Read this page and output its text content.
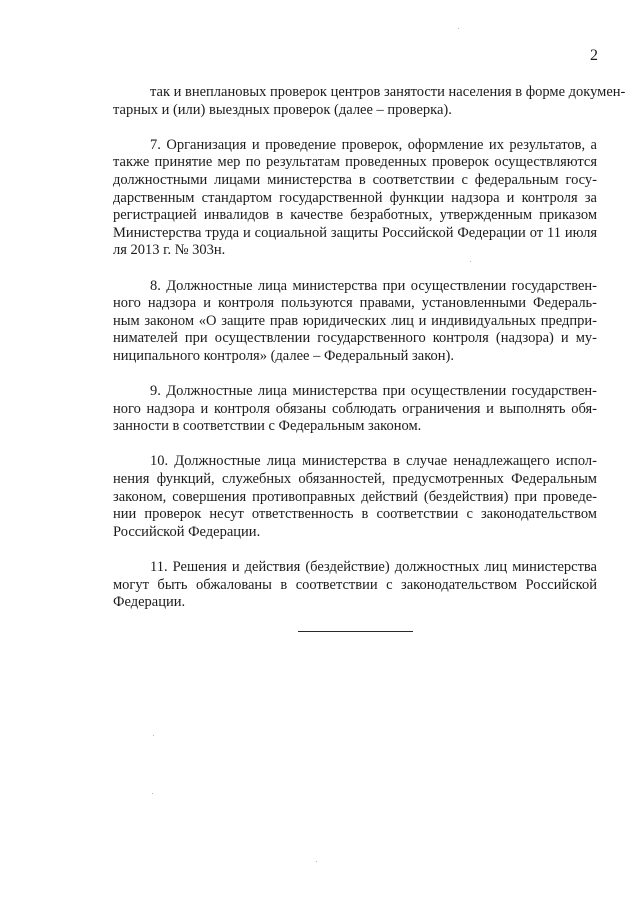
2
так и внеплановых проверок центров занятости населения в форме докумен-
тарных и (или) выездных проверок (далее – проверка).
7. Организация и проведение проверок, оформление их результатов, а
также принятие мер по результатам проведенных проверок осуществляются
должностными лицами министерства в соответствии с федеральным госу-
дарственным стандартом государственной функции надзора и контроля за
регистрацией инвалидов в качестве безработных, утвержденным приказом
Министерства труда и социальной защиты Российской Федерации от 11 июля
ля 2013 г. № 303н.
8. Должностные лица министерства при осуществлении государствен-
ного надзора и контроля пользуются правами, установленными Федераль-
ным законом «О защите прав юридических лиц и индивидуальных предпри-
нимателей при осуществлении государственного контроля (надзора) и му-
ниципального контроля» (далее – Федеральный закон).
9. Должностные лица министерства при осуществлении государствен-
ного надзора и контроля обязаны соблюдать ограничения и выполнять обя-
занности в соответствии с Федеральным законом.
10. Должностные лица министерства в случае ненадлежащего испол-
нения функций, служебных обязанностей, предусмотренных Федеральным
законом, совершения противоправных действий (бездействия) при проведе-
нии проверок несут ответственность в соответствии с законодательством
Российской Федерации.
11. Решения и действия (бездействие) должностных лиц министерства
могут быть обжалованы в соответствии с законодательством Российской
Федерации.
